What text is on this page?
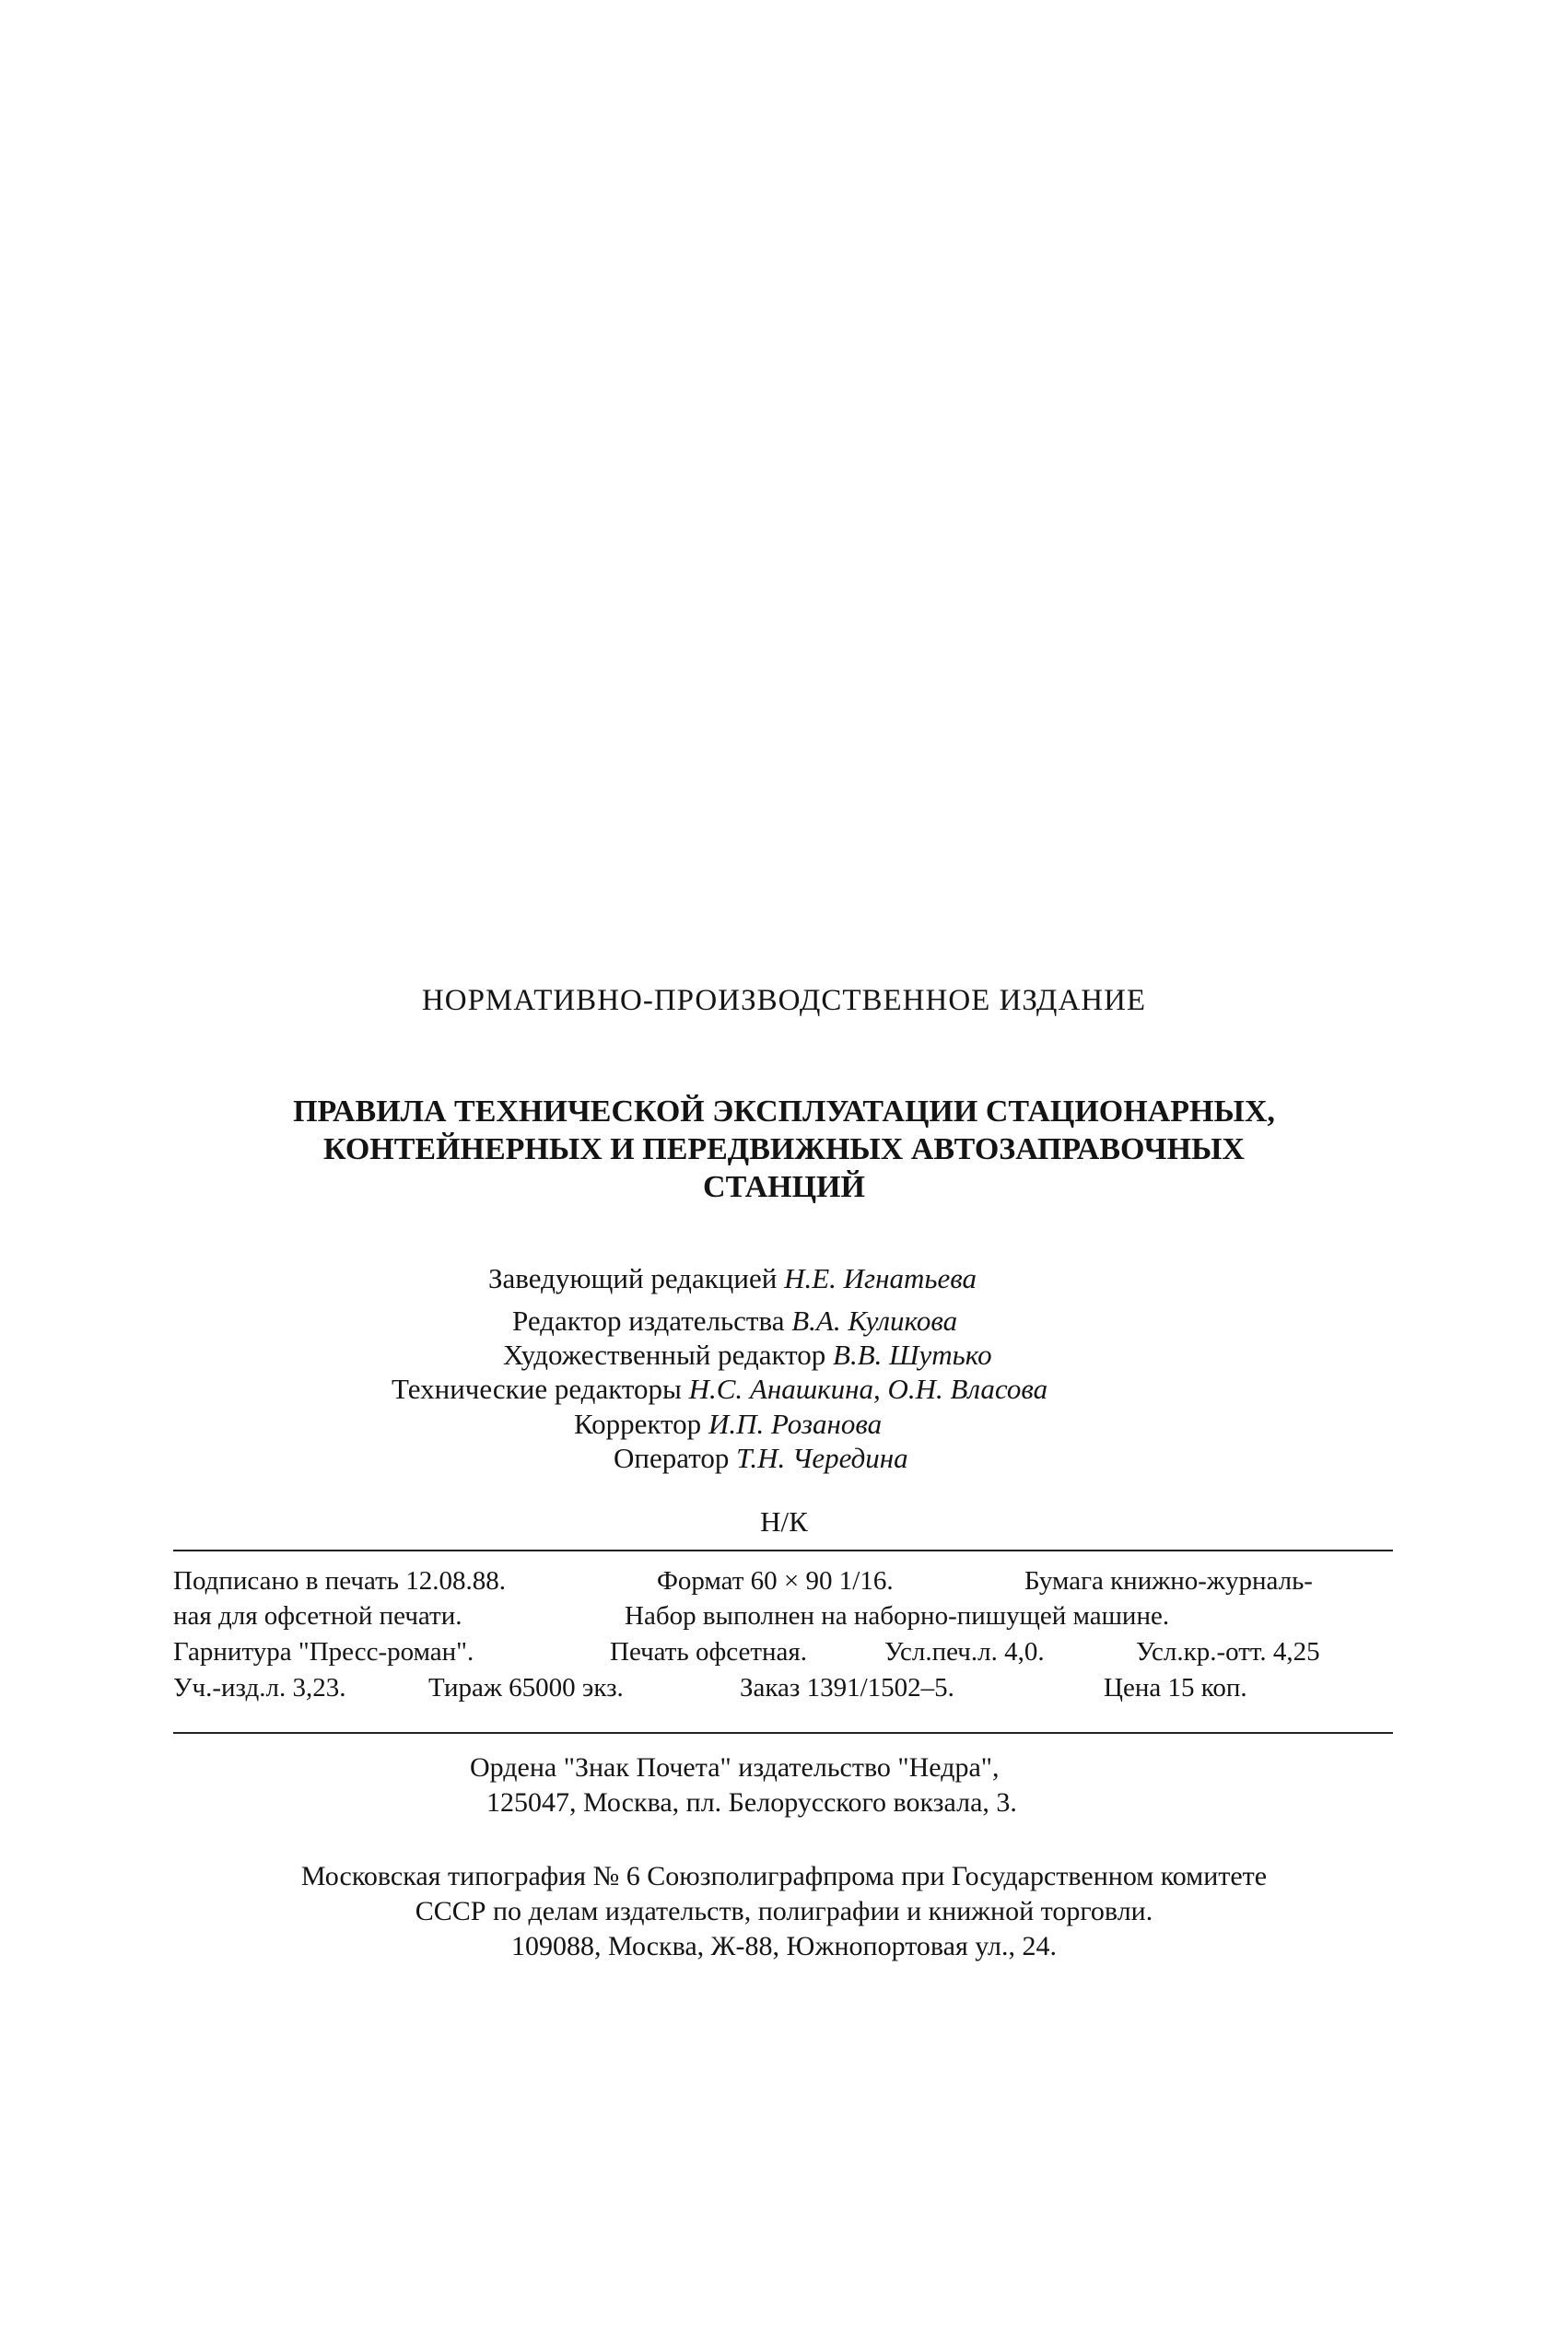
НОРМАТИВНО-ПРОИЗВОДСТВЕННОЕ ИЗДАНИЕ
ПРАВИЛА ТЕХНИЧЕСКОЙ ЭКСПЛУАТАЦИИ СТАЦИОНАРНЫХ,
КОНТЕЙНЕРНЫХ И ПЕРЕДВИЖНЫХ АВТОЗАПРАВОЧНЫХ
СТАНЦИЙ
Заведующий редакцией Н.Е. Игнатьева
Редактор издательства В.А. Куликова
Художественный редактор В.В. Шутько
Технические редакторы Н.С. Анашкина, О.Н. Власова
Корректор И.П. Розанова
Оператор Т.Н. Чередина
Н/К
Подписано в печать 12.08.88.	Формат 60 × 90 1/16.	Бумага книжно-журналь-
ная для офсетной печати.	Набор выполнен на наборно-пишущей машине.
Гарнитура "Пресс-роман".	Печать офсетная.	Усл.печ.л. 4,0.	Усл.кр.-отт. 4,25
Уч.-изд.л. 3,23.	Тираж 65000 экз.	Заказ 1391/1502–5.	Цена 15 коп.
Ордена "Знак Почета" издательство "Недра",
125047, Москва, пл. Белорусского вокзала, 3.
Московская типография № 6 Союзполиграфпрома при Государственном комитете
СССР по делам издательств, полиграфии и книжной торговли.
109088, Москва, Ж-88, Южнопортовая ул., 24.
